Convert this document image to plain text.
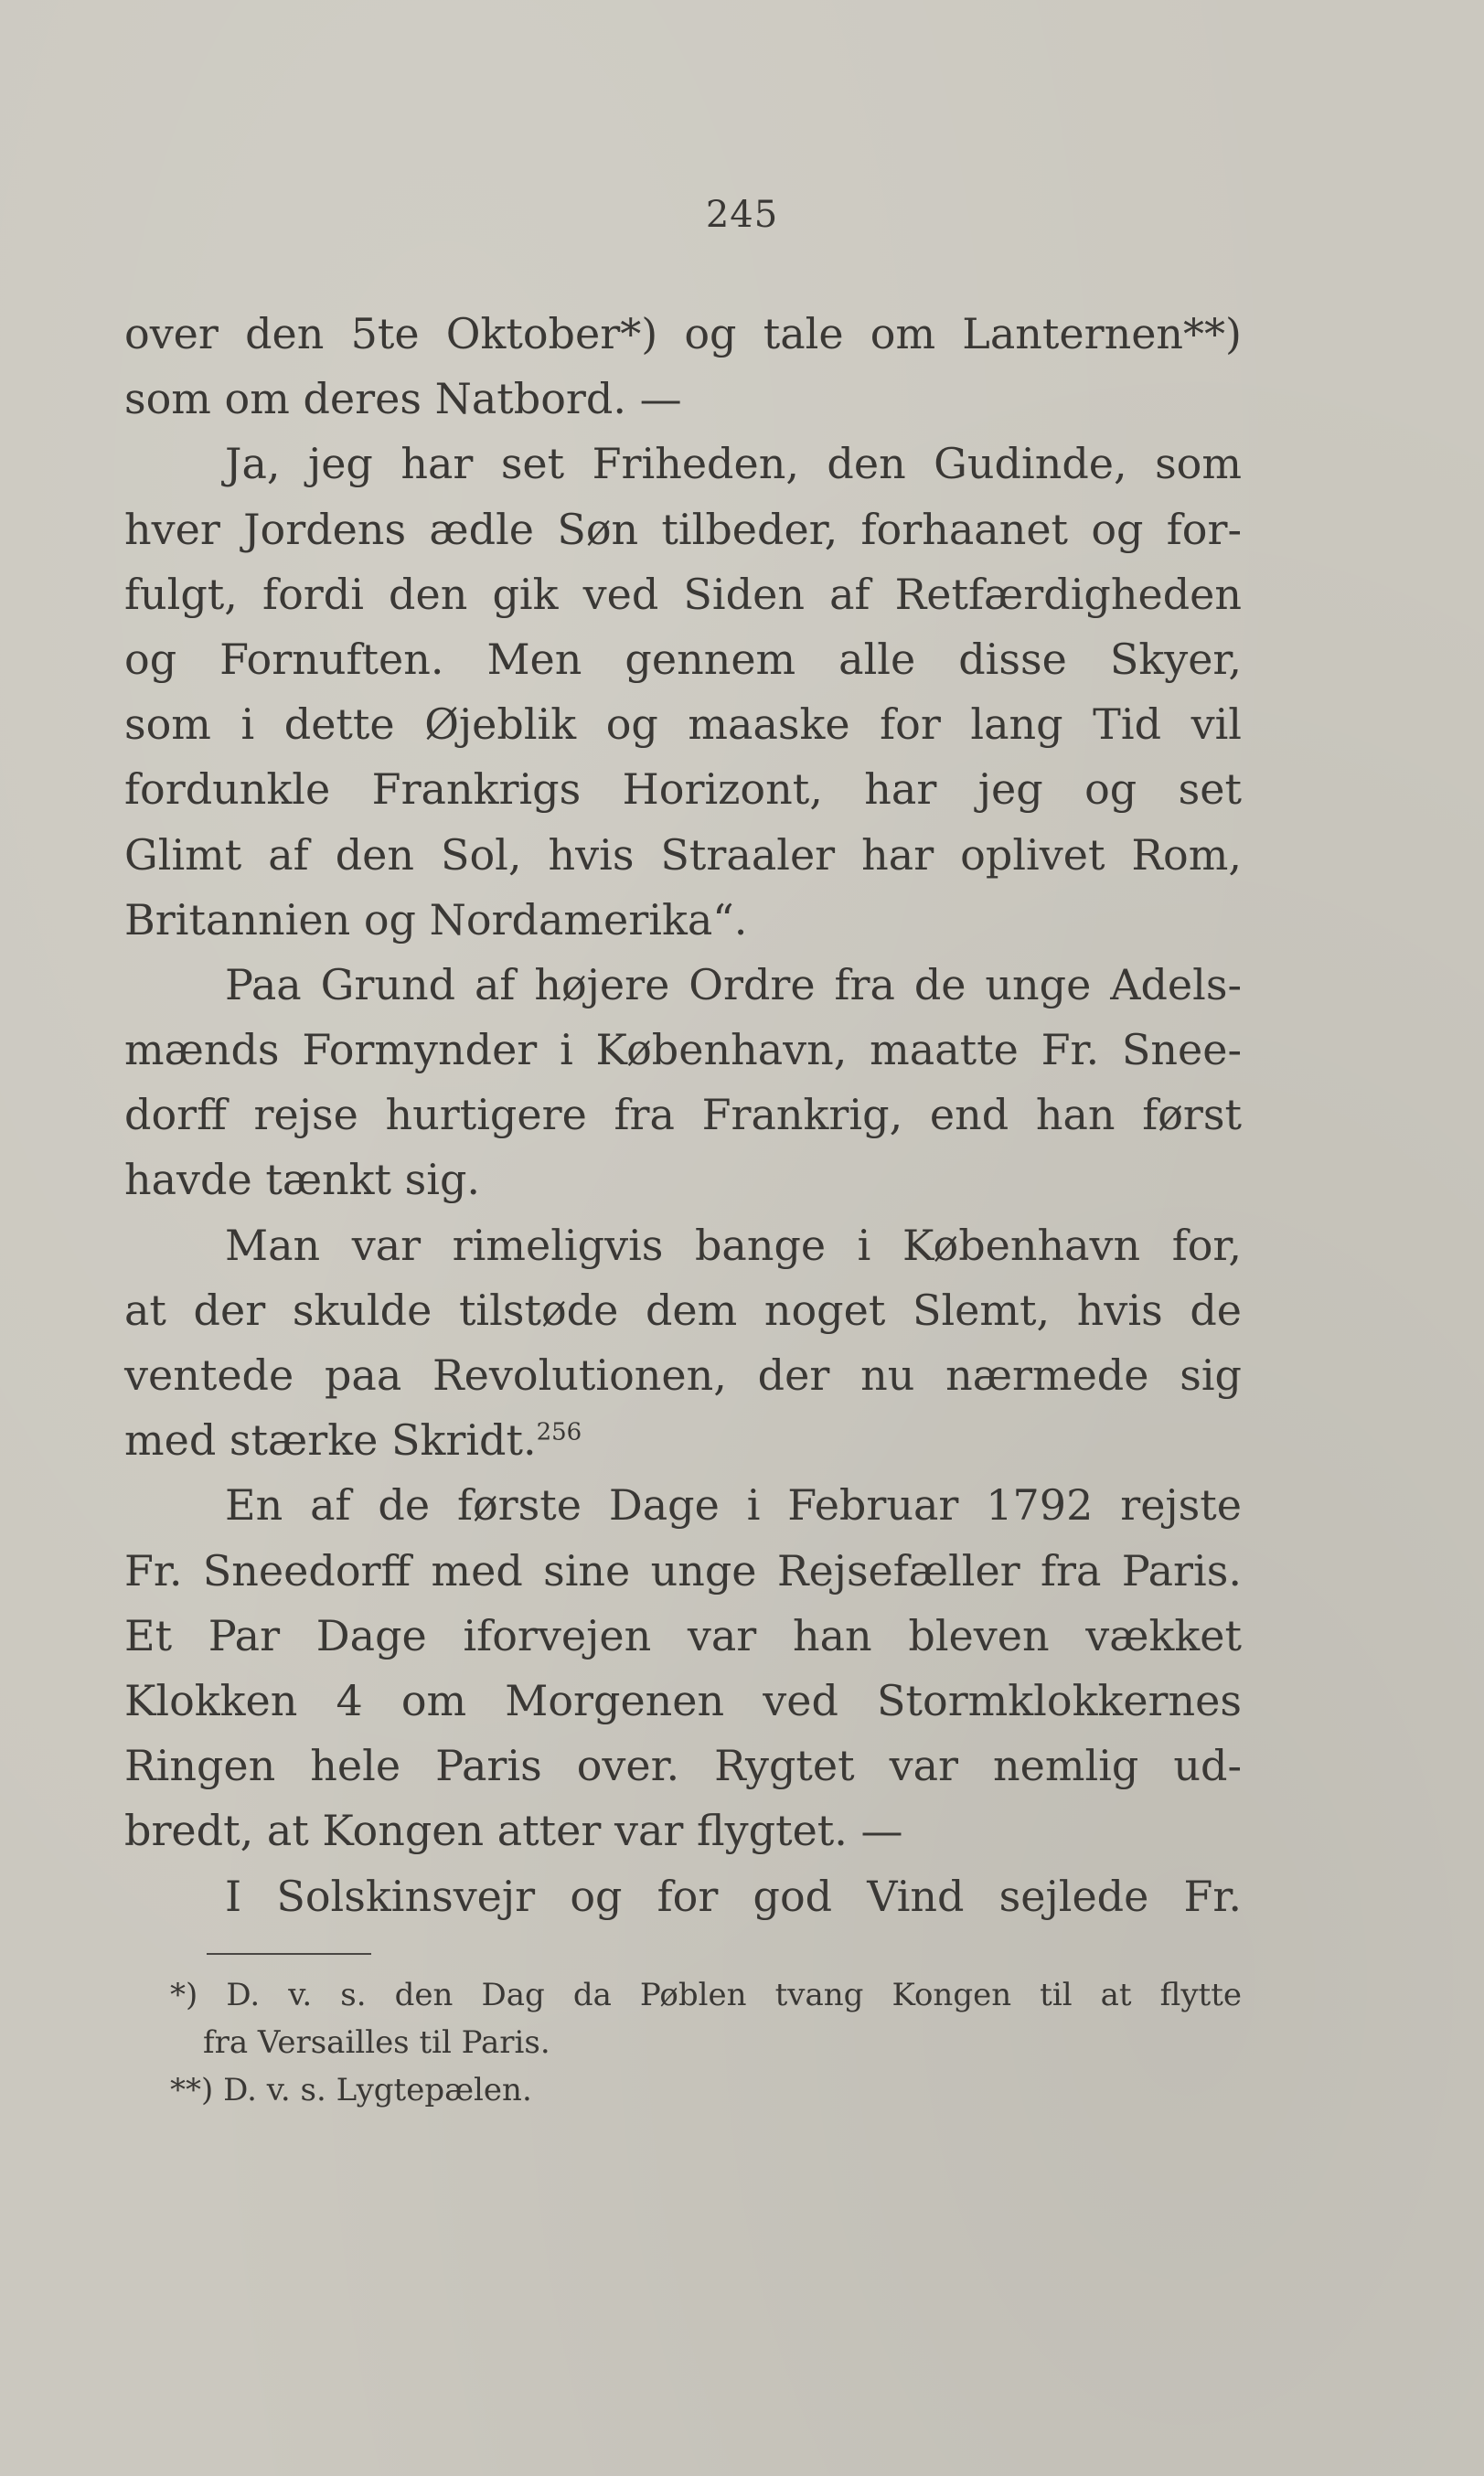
245
over den 5te Oktober*) og tale om Lanternen**)
som om deres Natbord. —
Ja, jeg har set Friheden, den Gudinde, som
hver Jordens ædle Søn tilbeder, forhaanet og for-
fulgt, fordi den gik ved Siden af Retfærdigheden
og Fornuften. Men gennem alle disse Skyer,
som i dette Øjeblik og maaske for lang Tid vil
fordunkle Frankrigs Horizont, har jeg og set
Glimt af den Sol, hvis Straaler har oplivet Rom,
Britannien og Nordamerika“.
Paa Grund af højere Ordre fra de unge Adels-
mænds Formynder i København, maatte Fr. Snee-
dorff rejse hurtigere fra Frankrig, end han først
havde tænkt sig.
Man var rimeligvis bange i København for,
at der skulde tilstøde dem noget Slemt, hvis de
ventede paa Revolutionen, der nu nærmede sig
med stærke Skridt.$^{256}$
En af de første Dage i Februar 1792 rejste
Fr. Sneedorff med sine unge Rejsefæller fra Paris.
Et Par Dage iforvejen var han bleven vækket
Klokken 4 om Morgenen ved Stormklokkernes
Ringen hele Paris over. Rygtet var nemlig ud-
bredt, at Kongen atter var flygtet. —
I Solskinsvejr og for god Vind sejlede Fr.
*) D. v. s. den Dag da Pøblen tvang Kongen til at flytte
fra Versailles til Paris.
**) D. v. s. Lygtepælen.
